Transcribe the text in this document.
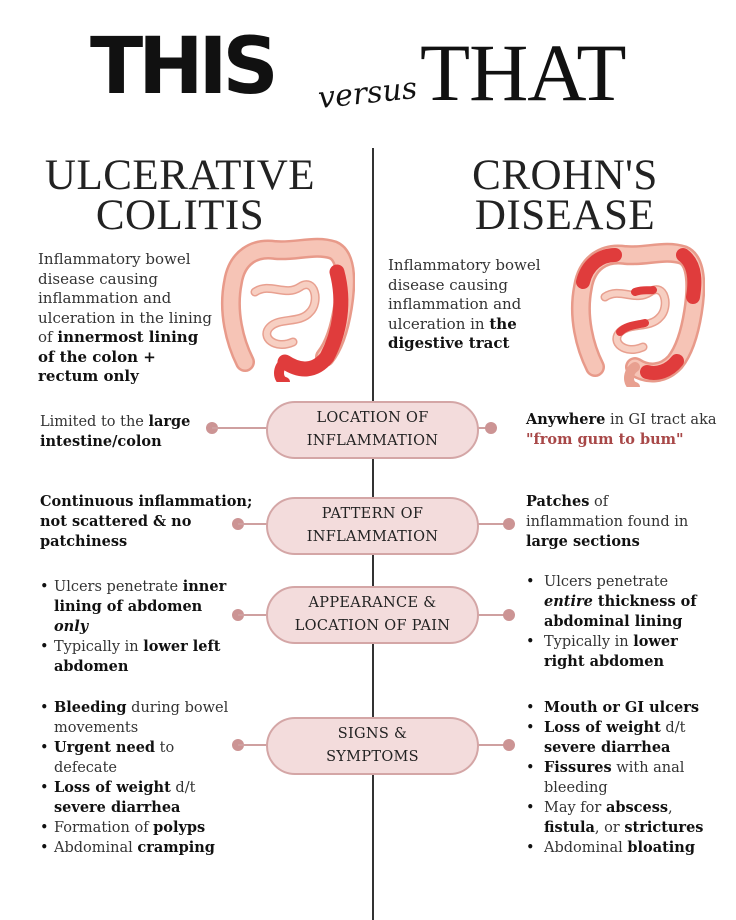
THIS versus THAT
ULCERATIVE
COLITIS
CROHN'S
DISEASE
Inflammatory bowel disease causing inflammation and ulceration in the lining of innermost lining of the colon + rectum only
Inflammatory bowel disease causing inflammation and ulceration in the digestive tract
LOCATION OF
INFLAMMATION
Limited to the large intestine/colon
Anywhere in GI tract aka "from gum to bum"
PATTERN OF
INFLAMMATION
Continuous inflammation; not scattered & no patchiness
Patches of inflammation found in large sections
APPEARANCE &
LOCATION OF PAIN
• Ulcers penetrate inner lining of abdomen
only
• Typically in lower left abdomen
• Ulcers penetrate entire thickness of abdominal lining
• Typically in lower right abdomen
SIGNS &
SYMPTOMS
• Bleeding during bowel movements
• Urgent need to defecate
• Loss of weight d/t
severe diarrhea
• Formation of polyps
• Abdominal cramping
• Mouth or GI ulcers
• Loss of weight d/t
severe diarrhea
• Fissures with anal bleeding
• May for abscess,
fistula, or strictures
• Abdominal bloating
